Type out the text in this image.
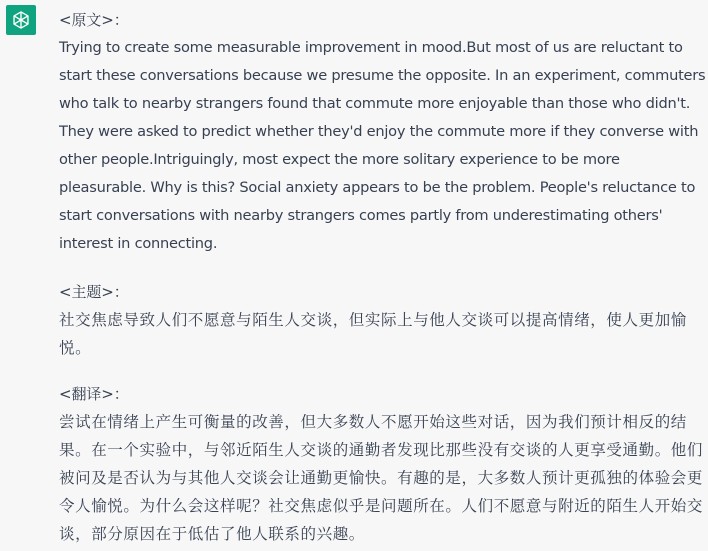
<原文>：

Trying to create some measurable improvement in mood.But most of us are reluctant to start these conversations because we presume the opposite. In an experiment, commuters who talk to nearby strangers found that commute more enjoyable than those who didn't. They were asked to predict whether they'd enjoy the commute more if they converse with other people.Intriguingly, most expect the more solitary experience to be more pleasurable. Why is this? Social anxiety appears to be the problem. People's reluctance to start conversations with nearby strangers comes partly from underestimating others' interest in connecting.

<主题>：

社交焦虑导致人们不愿意与陌生人交谈，但实际上与他人交谈可以提高情绪，使人更加愉悦。

<翻译>：

尝试在情绪上产生可衡量的改善，但大多数人不愿开始这些对话，因为我们预计相反的结果。在一个实验中，与邻近陌生人交谈的通勤者发现比那些没有交谈的人更享受通勤。他们被问及是否认为与其他人交谈会让通勤更愉快。有趣的是，大多数人预计更孤独的体验会更令人愉悦。为什么会这样呢？社交焦虑似乎是问题所在。人们不愿意与附近的陌生人开始交谈，部分原因在于低估了他人联系的兴趣。
